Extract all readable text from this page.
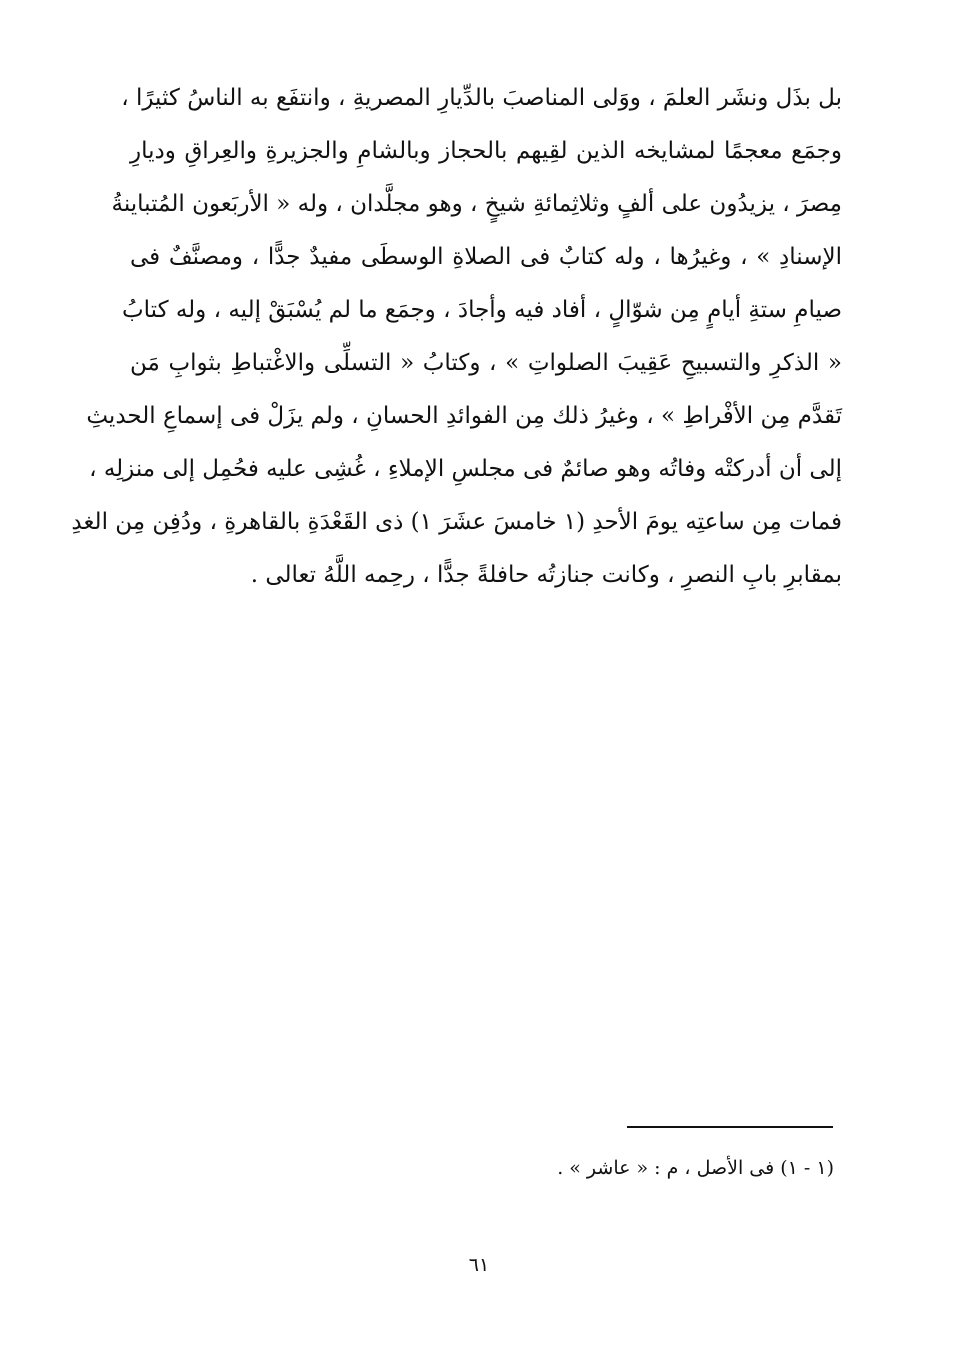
بل بذَل ونشَر العلمَ ، ووَلى المناصبَ بالدِّيارِ المصريةِ ، وانتفَع به الناسُ كثيرًا ،
وجمَع معجمًا لمشايخه الذين لقِيهم بالحجاز وبالشامِ والجزيرةِ والعِراقِ وديارِ
مِصرَ ، يزيدُون على ألفٍ وثلاثِمائةِ شيخٍ ، وهو مجلَّدان ، وله « الأربَعون المُتباينةُ
الإسنادِ » ، وغيرُها ، وله كتابٌ فى الصلاةِ الوسطَى مفيدٌ جدًّا ، ومصنَّفٌ فى
صيامِ ستةِ أيامٍ مِن شوّالٍ ، أفاد فيه وأجادَ ، وجمَع ما لم يُسْبَقْ إليه ، وله كتابُ
« الذكرِ والتسبيحِ عَقِيبَ الصلواتِ » ، وكتابُ « التسلِّى والاغْتباطِ بثوابِ مَن
تَقدَّم مِن الأفْراطِ » ، وغيرُ ذلك مِن الفوائدِ الحسانِ ، ولم يزَلْ فى إسماعِ الحديثِ
إلى أن أدركتْه وفاتُه وهو صائمٌ فى مجلسِ الإملاءِ ، غُشِى عليه فحُمِل إلى منزلِه ،
فمات مِن ساعتِه يومَ الأحدِ (١ خامسَ عشَرَ ١) ذى القَعْدَةِ بالقاهرةِ ، ودُفِن مِن الغدِ
بمقابرِ بابِ النصرِ ، وكانت جنازتُه حافلةً جدًّا ، رحِمه اللَّهُ تعالى .
(١ - ١) فى الأصل ، م : « عاشر » .
٦١
